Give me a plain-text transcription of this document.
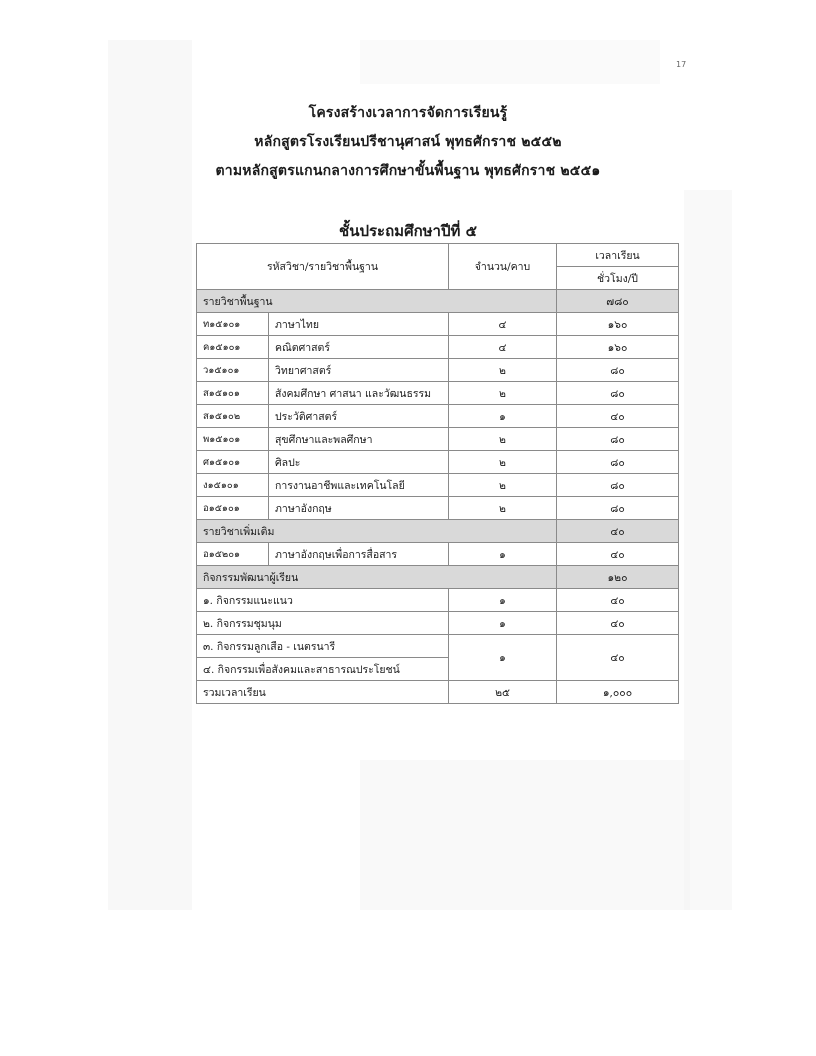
17
โครงสร้างเวลาการจัดการเรียนรู้
หลักสูตรโรงเรียนปรีชานุศาสน์ พุทธศักราช ๒๕๕๒
ตามหลักสูตรแกนกลางการศึกษาขั้นพื้นฐาน พุทธศักราช ๒๕๕๑
ชั้นประถมศึกษาปีที่ ๕
รหัสวิชา/รายวิชาพื้นฐาน		จำนวน/คาบ	เวลาเรียน
			ชั่วโมง/ปี
รายวิชาพื้นฐาน			๗๘๐
ท๑๕๑๐๑	ภาษาไทย	๔	๑๖๐
ค๑๕๑๐๑	คณิตศาสตร์	๔	๑๖๐
ว๑๕๑๐๑	วิทยาศาสตร์	๒	๘๐
ส๑๕๑๐๑	สังคมศึกษา ศาสนา และวัฒนธรรม	๒	๘๐
ส๑๕๑๐๒	ประวัติศาสตร์	๑	๔๐
พ๑๕๑๐๑	สุขศึกษาและพลศึกษา	๒	๘๐
ศ๑๕๑๐๑	ศิลปะ	๒	๘๐
ง๑๕๑๐๑	การงานอาชีพและเทคโนโลยี	๒	๘๐
อ๑๕๑๐๑	ภาษาอังกฤษ	๒	๘๐
รายวิชาเพิ่มเติม			๔๐
อ๑๕๒๐๑	ภาษาอังกฤษเพื่อการสื่อสาร	๑	๔๐
กิจกรรมพัฒนาผู้เรียน			๑๒๐
๑. กิจกรรมแนะแนว		๑	๔๐
๒. กิจกรรมชุมนุม		๑	๔๐
๓. กิจกรรมลูกเสือ - เนตรนารี		๑	๔๐
๔. กิจกรรมเพื่อสังคมและสาธารณประโยชน์			
รวมเวลาเรียน		๒๕	๑,๐๐๐
